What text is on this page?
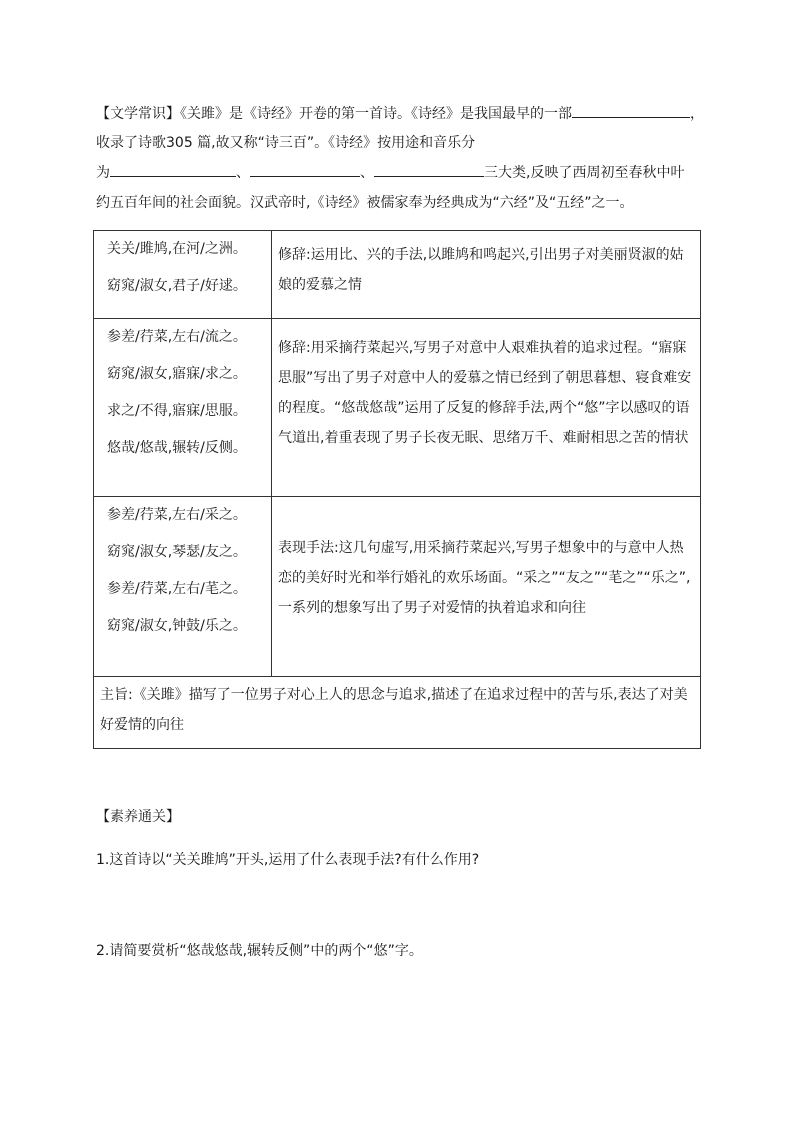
【文学常识】《关雎》是《诗经》开卷的第一首诗。《诗经》是我国最早的一部	，
收录了诗歌305 篇,故又称“诗三百”。《诗经》按用途和音乐分
为	、	、	三大类,反映了西周初至春秋中叶
约五百年间的社会面貌。汉武帝时,《诗经》被儒家奉为经典成为“六经”及“五经”之一。
关关/雎鸠,在河/之洲。
窈窕/淑女,君子/好逑。	修辞:运用比、兴的手法,以雎鸠和鸣起兴,引出男子对美丽贤淑的姑娘的爱慕之情

参差/荇菜,左右/流之。
窈窕/淑女,寤寐/求之。
求之/不得,寤寐/思服。
悠哉/悠哉,辗转/反侧。	修辞:用采摘荇菜起兴,写男子对意中人艰难执着的追求过程。“寤寐思服”写出了男子对意中人的爱慕之情已经到了朝思暮想、寝食难安的程度。“悠哉悠哉”运用了反复的修辞手法,两个“悠”字以感叹的语气道出,着重表现了男子长夜无眠、思绪万千、难耐相思之苦的情状

参差/荇菜,左右/采之。
窈窕/淑女,琴瑟/友之。
参差/荇菜,左右/芼之。
窈窕/淑女,钟鼓/乐之。	表现手法:这几句虚写,用采摘荇菜起兴,写男子想象中的与意中人热恋的美好时光和举行婚礼的欢乐场面。“采之”“友之”“芼之”“乐之”,一系列的想象写出了男子对爱情的执着追求和向往
主旨:《关雎》描写了一位男子对心上人的思念与追求,描述了在追求过程中的苦与乐,表达了对美好爱情的向往	
【素养通关】
1.这首诗以“关关雎鸠”开头,运用了什么表现手法?有什么作用?
2.请简要赏析“悠哉悠哉,辗转反侧”中的两个“悠”字。
